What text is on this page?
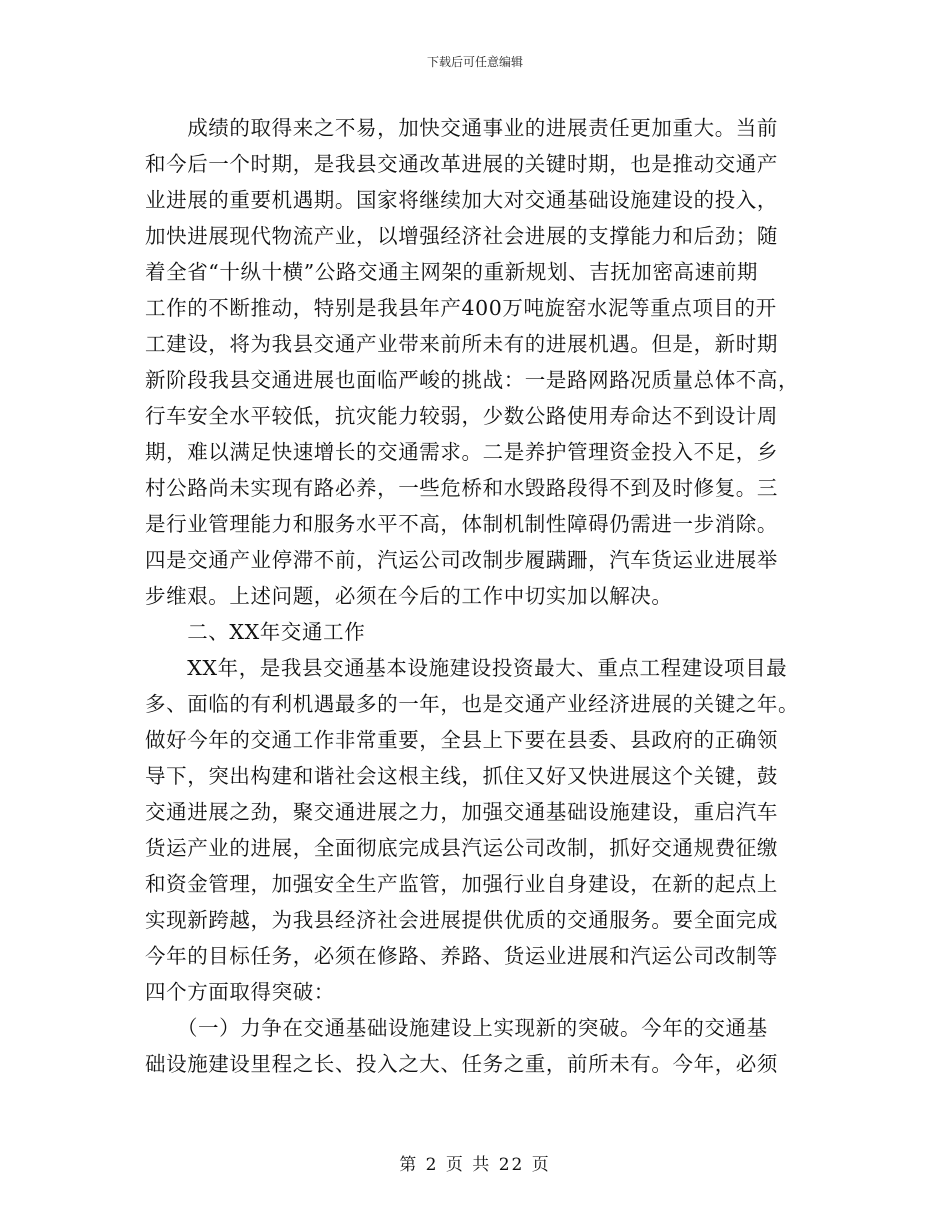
下载后可任意编辑
　　成绩的取得来之不易，加快交通事业的进展责任更加重大。当前
和今后一个时期，是我县交通改革进展的关键时期，也是推动交通产
业进展的重要机遇期。国家将继续加大对交通基础设施建设的投入，
加快进展现代物流产业，以增强经济社会进展的支撑能力和后劲；随
着全省“十纵十横”公路交通主网架的重新规划、吉抚加密高速前期
工作的不断推动，特别是我县年产400万吨旋窑水泥等重点项目的开
工建设，将为我县交通产业带来前所未有的进展机遇。但是，新时期
新阶段我县交通进展也面临严峻的挑战：一是路网路况质量总体不高，
行车安全水平较低，抗灾能力较弱，少数公路使用寿命达不到设计周
期，难以满足快速增长的交通需求。二是养护管理资金投入不足，乡
村公路尚未实现有路必养，一些危桥和水毁路段得不到及时修复。三
是行业管理能力和服务水平不高，体制机制性障碍仍需进一步消除。
四是交通产业停滞不前，汽运公司改制步履蹒跚，汽车货运业进展举
步维艰。上述问题，必须在今后的工作中切实加以解决。
　　二、XX年交通工作
　　XX年，是我县交通基本设施建设投资最大、重点工程建设项目最
多、面临的有利机遇最多的一年，也是交通产业经济进展的关键之年。
做好今年的交通工作非常重要，全县上下要在县委、县政府的正确领
导下，突出构建和谐社会这根主线，抓住又好又快进展这个关键，鼓
交通进展之劲，聚交通进展之力，加强交通基础设施建设，重启汽车
货运产业的进展，全面彻底完成县汽运公司改制，抓好交通规费征缴
和资金管理，加强安全生产监管，加强行业自身建设，在新的起点上
实现新跨越，为我县经济社会进展提供优质的交通服务。要全面完成
今年的目标任务，必须在修路、养路、货运业进展和汽运公司改制等
四个方面取得突破：
　　（一）力争在交通基础设施建设上实现新的突破。今年的交通基
础设施建设里程之长、投入之大、任务之重，前所未有。今年，必须
第 2 页 共 22 页
